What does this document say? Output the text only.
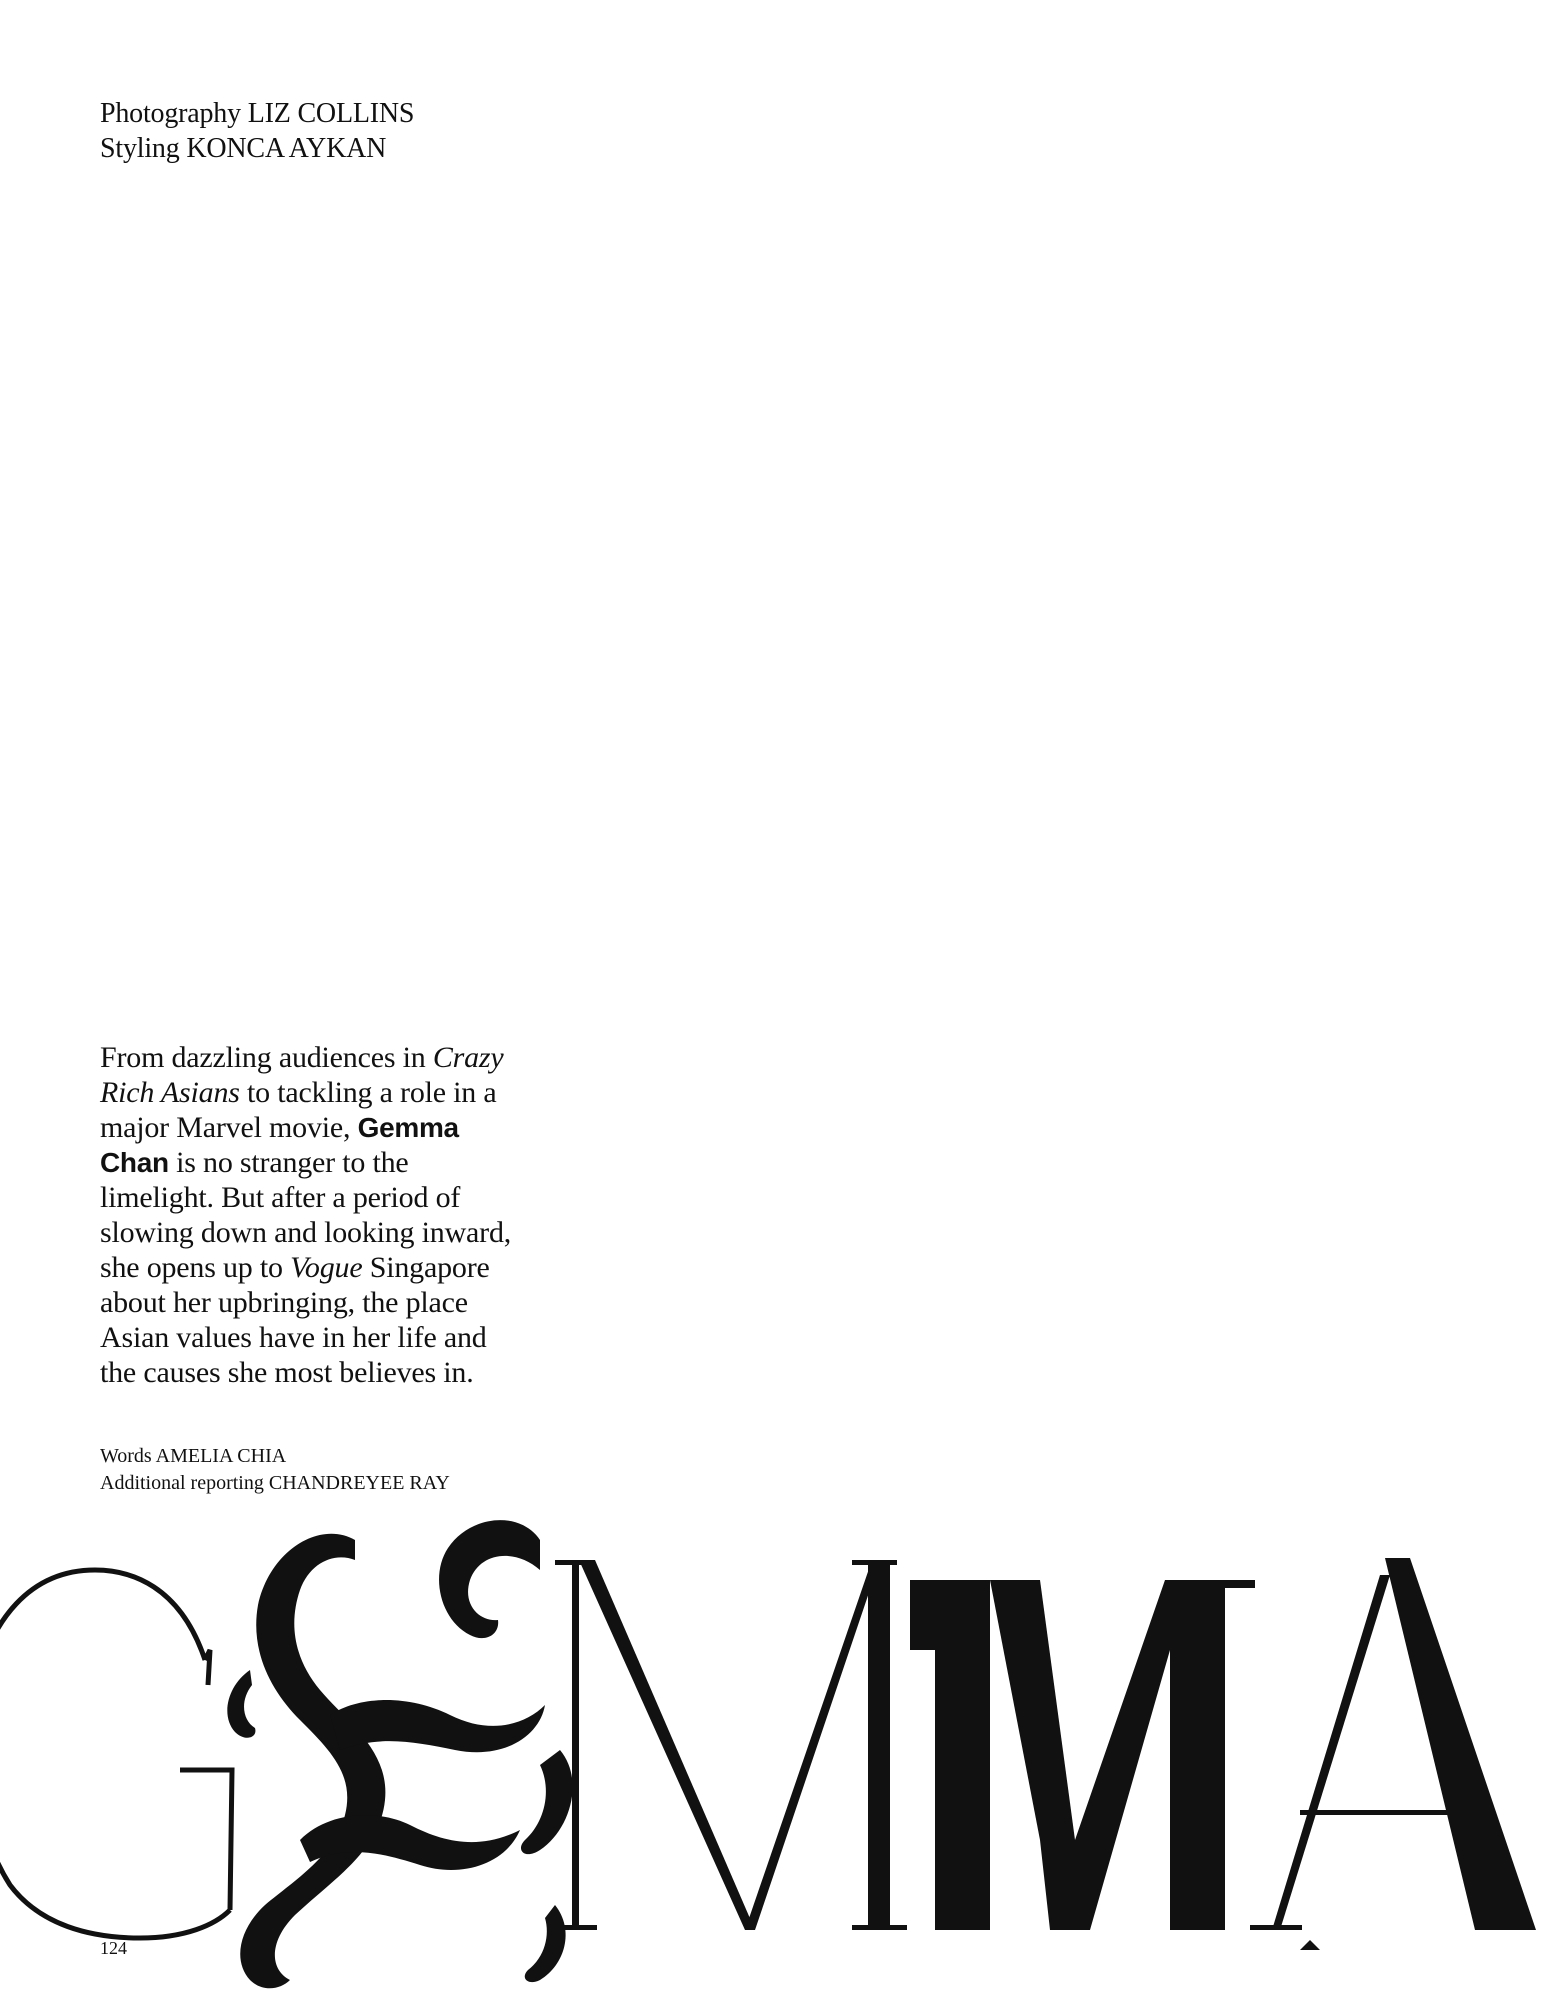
Photography LIZ COLLINS
Styling KONCA AYKAN
From dazzling audiences in Crazy Rich Asians to tackling a role in a major Marvel movie, Gemma Chan is no stranger to the limelight. But after a period of slowing down and looking inward, she opens up to Vogue Singapore about her upbringing, the place Asian values have in her life and the causes she most believes in.
Words AMELIA CHIA
Additional reporting CHANDREYEE RAY
GEMMA
124
